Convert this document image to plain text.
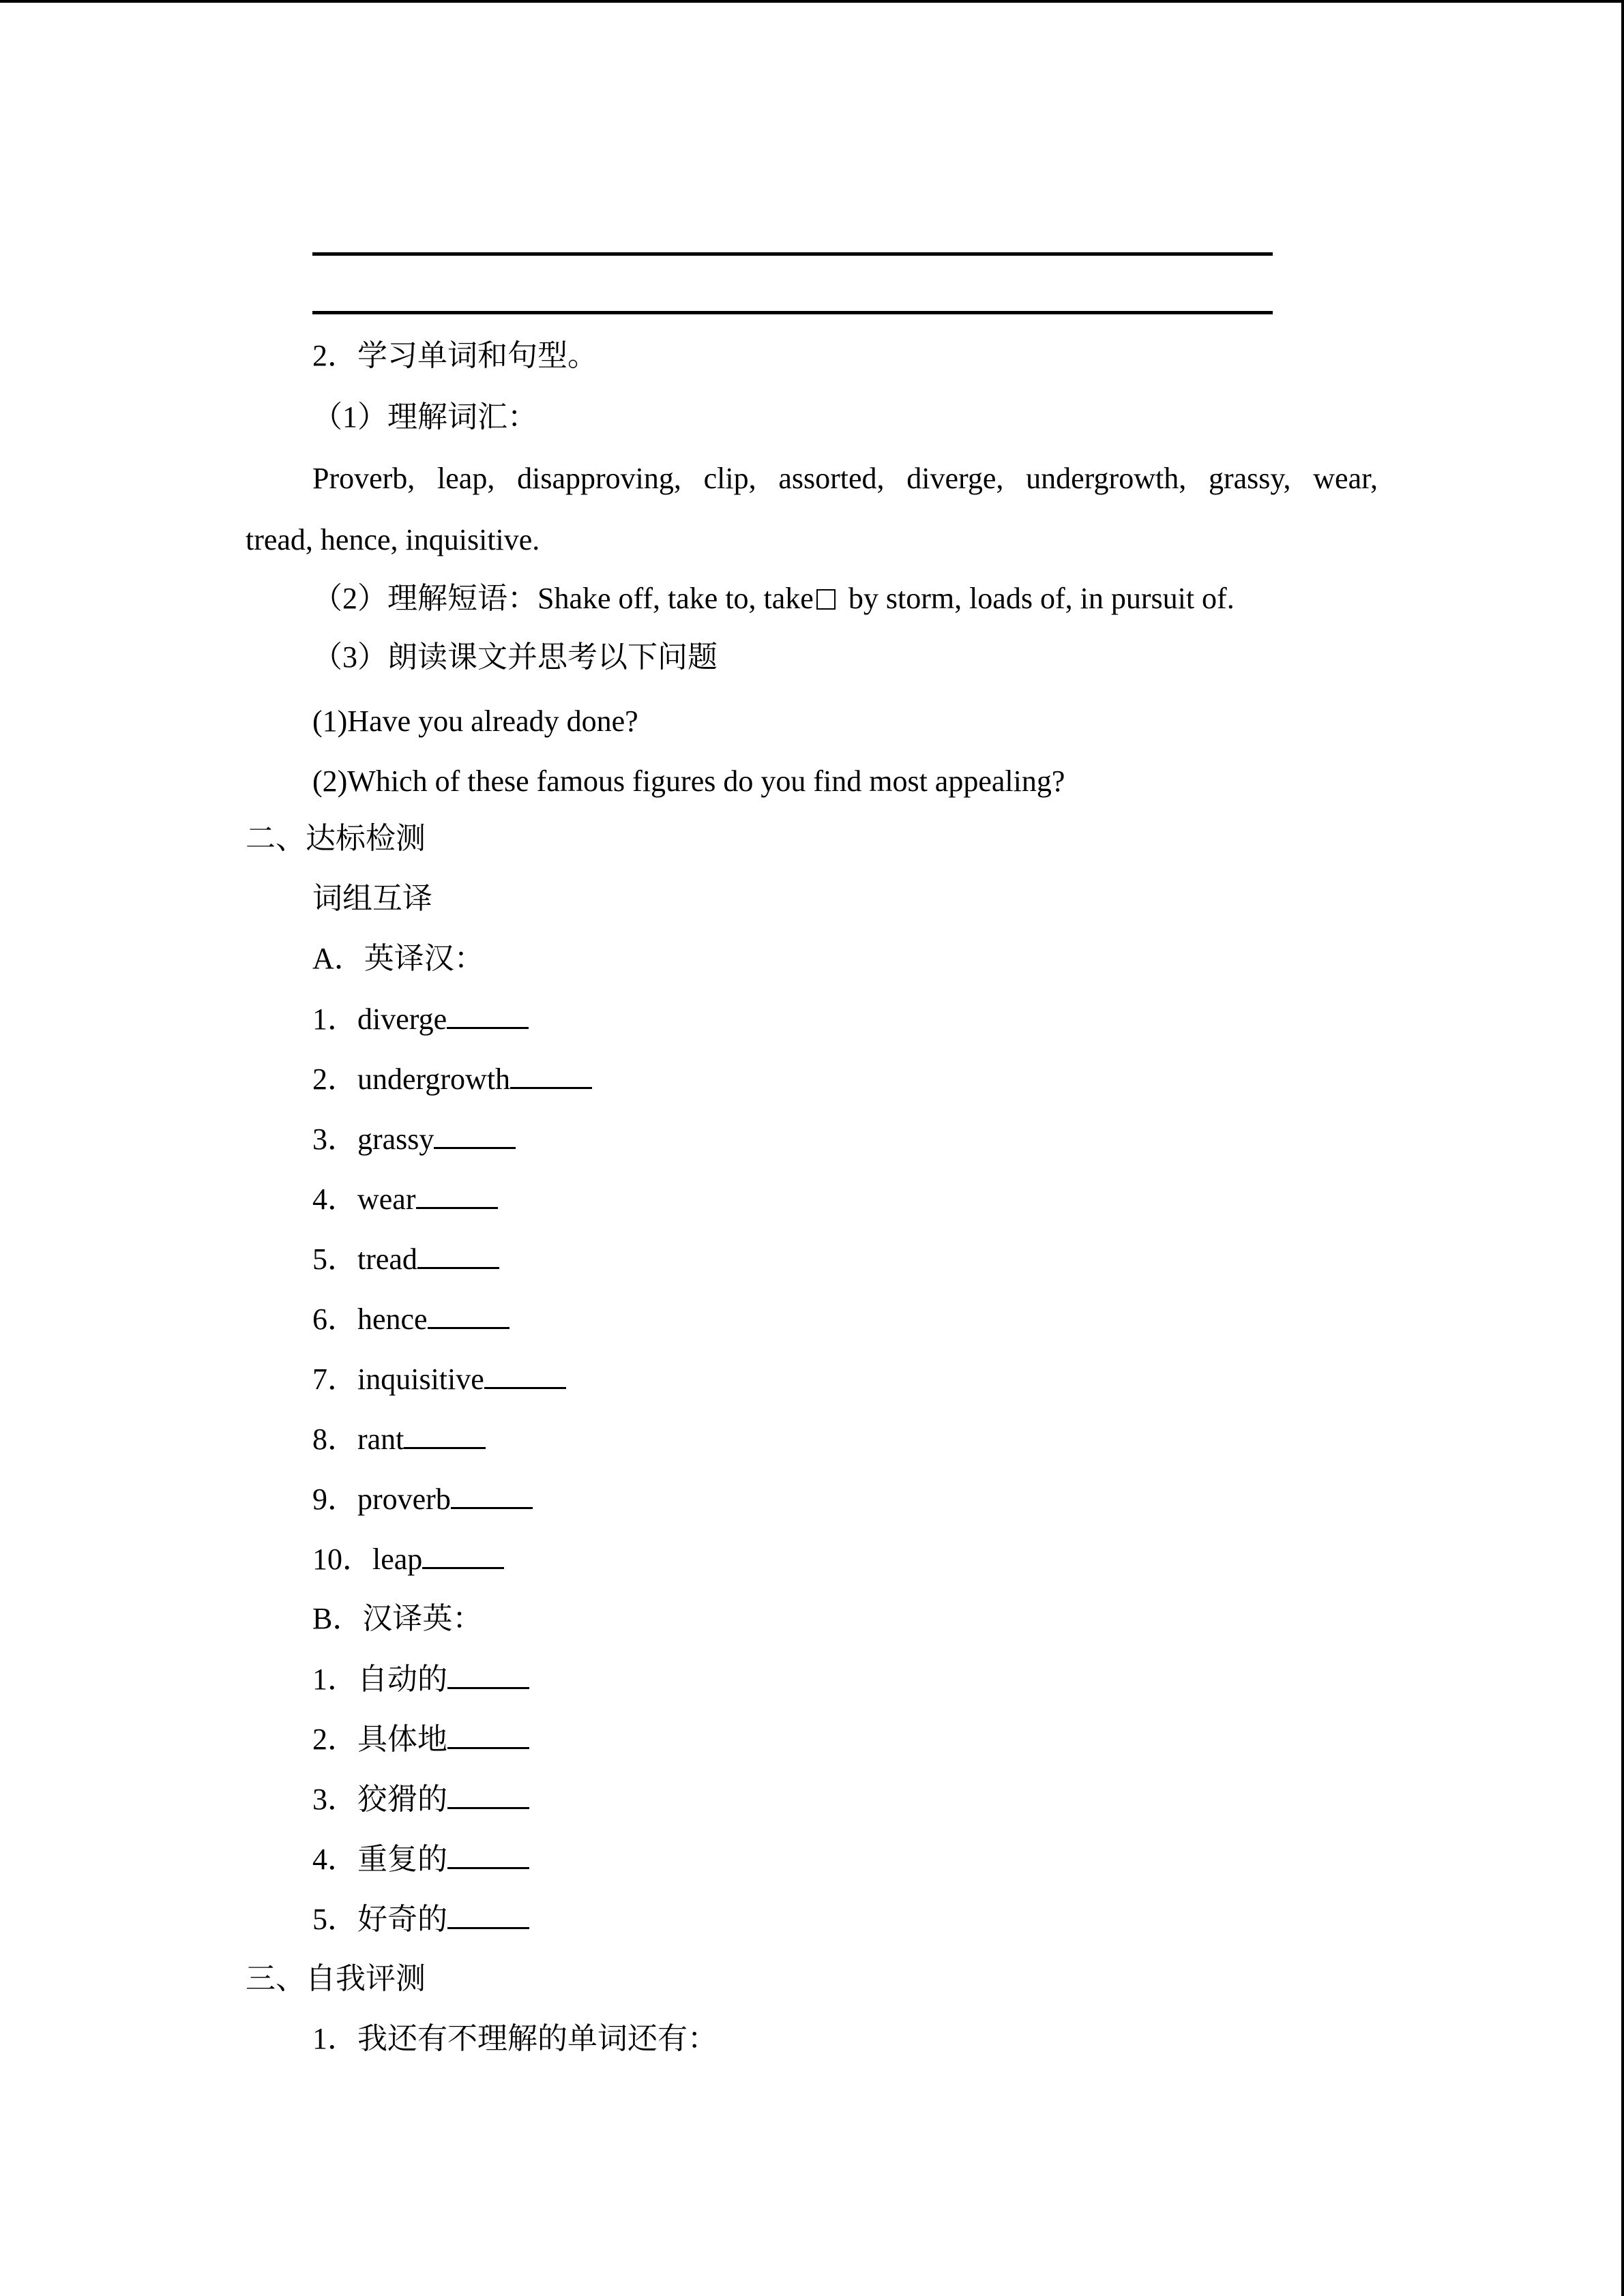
2．学习单词和句型。
（1）理解词汇：
Proverb, leap, disapproving, clip, assorted, diverge, undergrowth, grassy, wear,
tread, hence, inquisitive.
（2）理解短语：Shake off, take to, take by storm, loads of, in pursuit of.
（3）朗读课文并思考以下问题
(1)Have you already done?
(2)Which of these famous figures do you find most appealing?
二、达标检测
词组互译
A．英译汉：
1．diverge
2．undergrowth
3．grassy
4．wear
5．tread
6．hence
7．inquisitive
8．rant
9．proverb
10．leap
B．汉译英：
1．自动的
2．具体地
3．狡猾的
4．重复的
5．好奇的
三、自我评测
1．我还有不理解的单词还有：
